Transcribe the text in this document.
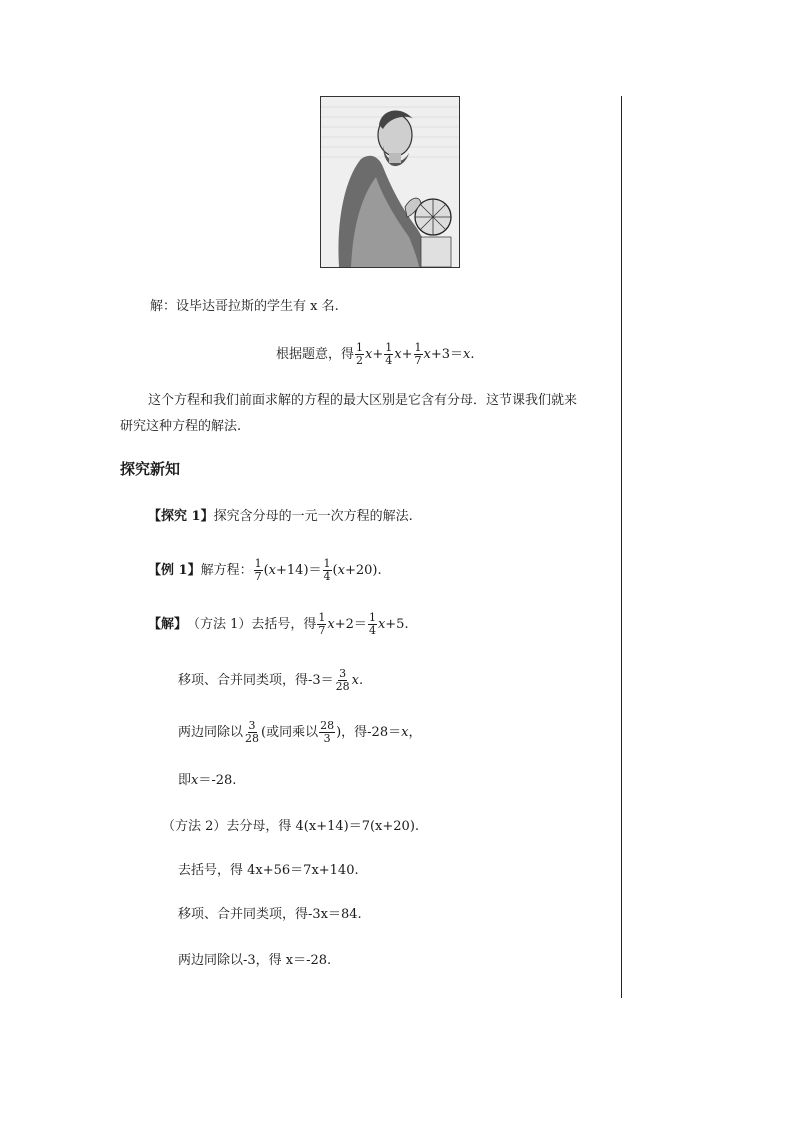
解：设毕达哥拉斯的学生有 x 名.
根据题意，得 $\frac{1}{2}$ $x + \frac{1}{4}$ $x + \frac{1}{7}$ x +3＝ x .
这个方程和我们前面求解的方程的最大区别是它含有分母．这节课我们就来
研究这种方程的解法.
探究新知
【探究 1】探究含分母的一元一次方程的解法.
【例 1】 解方程： $\frac{1}{7}$ ( $x +14)= \frac{1}{4}$ ( x +20).
【解】 （方法 1）去括号，得 $\frac{1}{7}$ $x +2= \frac{1}{4}$ x +5.
移项、合并同类项，得$-3= \frac{3}{28}$ x .
两边同除以 $\frac{3}{28}$ (或同乘以 $\frac{28}{3}$ )，得-28＝ x ，
即x＝-28.
（方法 2）去分母，得 4(x+14)＝7(x+20).
去括号，得 4x+56＝7x+140.
移项、合并同类项，得-3x＝84.
两边同除以-3，得 x＝-28.
